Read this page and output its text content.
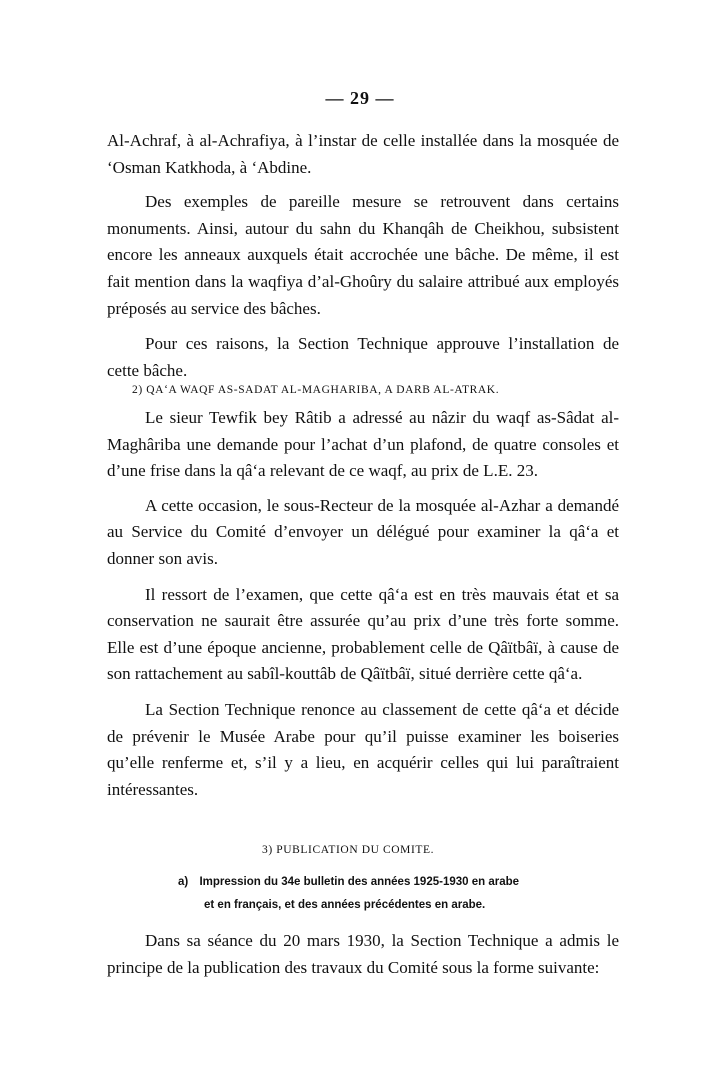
— 29 —

Al-Achraf, à al-Achrafiya, à l’instar de celle installée dans la mosquée de ‘Osman Katkhoda, à ‘Abdine.

Des exemples de pareille mesure se retrouvent dans certains monuments. Ainsi, autour du sahn du Khanqâh de Cheikhou, subsistent encore les anneaux auxquels était accrochée une bâche. De même, il est fait mention dans la waqfiya d’al-Ghoûry du salaire attribué aux employés préposés au service des bâches.

Pour ces raisons, la Section Technique approuve l’installation de cette bâche.

2) QA‘A WAQF AS-SADAT AL-MAGHARIBA, A DARB AL-ATRAK.

Le sieur Tewfik bey Râtib a adressé au nâzir du waqf as-Sâdat al-Maghâriba une demande pour l’achat d’un plafond, de quatre consoles et d’une frise dans la qâ‘a relevant de ce waqf, au prix de L.E. 23.

A cette occasion, le sous-Recteur de la mosquée al-Azhar a demandé au Service du Comité d’envoyer un délégué pour examiner la qâ‘a et donner son avis.

Il ressort de l’examen, que cette qâ‘a est en très mauvais état et sa conservation ne saurait être assurée qu’au prix d’une très forte somme. Elle est d’une époque ancienne, probablement celle de Qâïtbâï, à cause de son rattachement au sabîl-kouttâb de Qâïtbâï, situé derrière cette qâ‘a.

La Section Technique renonce au classement de cette qâ‘a et décide de prévenir le Musée Arabe pour qu’il puisse examiner les boiseries qu’elle renferme et, s’il y a lieu, en acquérir celles qui lui paraîtraient intéressantes.

3) PUBLICATION DU COMITE.
a) Impression du 34e bulletin des années 1925-1930 en arabe
et en français, et des années précédentes en arabe.

Dans sa séance du 20 mars 1930, la Section Technique a admis le principe de la publication des travaux du Comité sous la forme suivante:
